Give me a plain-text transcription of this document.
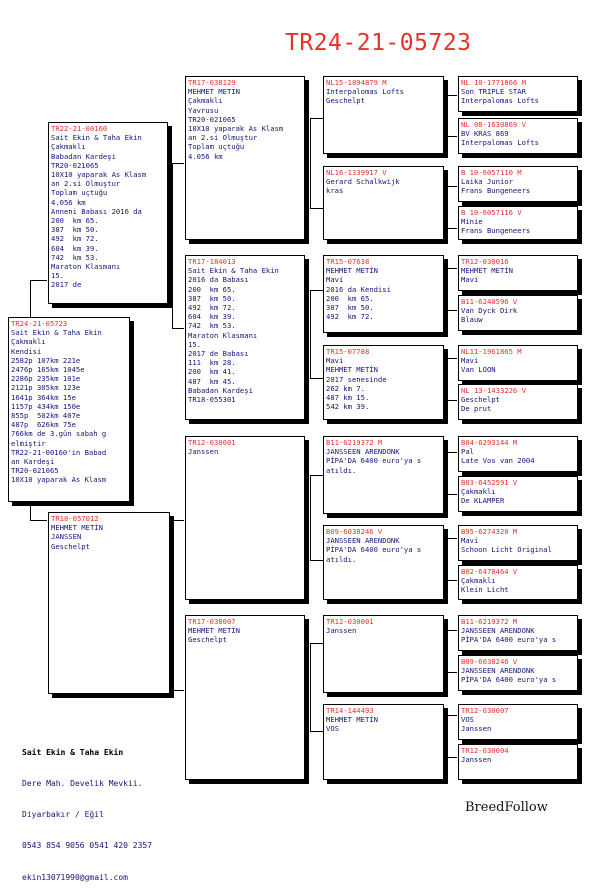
TR24-21-05723
TR24-21-05723
Sait Ekin & Taha Ekin
Çakmaklı
Kendisi
2582p 107km 221e
2476p 165km 1045e
2286p 235km 101e
2121p 305km 123e
1641p 364km 15e
1157p 434km 150e
855p  502km 407e
487p  626km 75e
766km de 3.gün sabah g
elmiştir
TR22-21-00160'in Babad
an Kardeşi
TR20-021065
10X10 yaparak As Klasm
TR22-21-00160
Sait Ekin & Taha Ekin
Çakmaklı
Babadan Kardeşi
TR20-021065
10X10 yaparak As Klasm
an 2.si Olmuştur
Toplam uçtuğu
4.056 km
Anneni Babası 2016 da
200  km 65.
387  km 50.
492  km 72.
604  km 39.
742  km 53.
Maraton Klasmanı
15.
2017 de
TR18-057012
MEHMET METİN
JANSSEN
Geschelpt
TR17-038129
MEHMET METİN
Çakmaklı
Yavrusu
TR20-021065
10X10 yaparak As Klasm
an 2.si Olmuştur
Toplam uçtuğu
4.056 km
TR17-184013
Sait Ekin & Taha Ekin
2016 da Babası
200  km 65.
387  km 50.
492  km 72.
604  km 39.
742  km 53.
Maraton Klasmanı
15.
2017 de Babası
111  km 28.
200  km 41.
487  km 45.
Babadan Kardeşi
TR18-055301
TR12-030001
Janssen
TR17-038007
MEHMET METİN
Geschelpt
NL15-1894879 M
Interpalomas Lofts
Geschelpt
NL16-1339917 V
Gerard Schalkwijk
kras
TR15-07638
MEHMET METİN
Mavi
2016 da Kendisi
200  km 65.
387  km 50.
492  km 72.
TR15-07788
Mavi
MEHMET METİN
2017 senesinde
262 km 7.
487 km 15.
542 km 39.
B11-6219372 M
JANSSEEN ARENDONK
PİPA'DA 6400 euro'ya s
atıldı.
B09-6038246 V
JANSSEEN ARENDONK
PİPA'DA 6400 euro'ya s
atıldı.
TR12-030001
Janssen
TR14-144493
MEHMET METİN
VOS
NL 10-1771866 M
Son TRIPLE STAR
Interpalomas Lofts
NL 08-1630869 V
BV KRAS 869
Interpalomas Lofts
B 10-6057110 M
Laika Junior
Frans Bungeneers
B 10-6057116 V
Minie
Frans Bungeneers
TR12-030016
MEHMET METİN
Mavi
B11-6240596 V
Van Dyck Dirk
Blauw
NL11-1961865 M
Mavi
Van LOON
NL 13-1433226 V
Geschelpt
De prut
B04-6293144 M
Pal
Late Vos van 2004
B03-6452591 V
Çakmaklı
De KLAMPER
B95-6274320 M
Mavi
Schoon Licht Original
B02-6478464 V
Çakmaklı
Klein Licht
B11-6219372 M
JANSSEEN ARENDONK
PİPA'DA 6400 euro'ya s
B09-6038246 V
JANSSEEN ARENDONK
PİPA'DA 6400 euro'ya s
TR12-030007
VOS
Janssen
TR12-030004
Janssen

Sait Ekin & Taha Ekin

Dere Mah. Develik Mevkii.

Diyarbakır / Eğil

0543 854 9056 0541 420 2357

ekin13071990@gmail.com

BreedFollow
